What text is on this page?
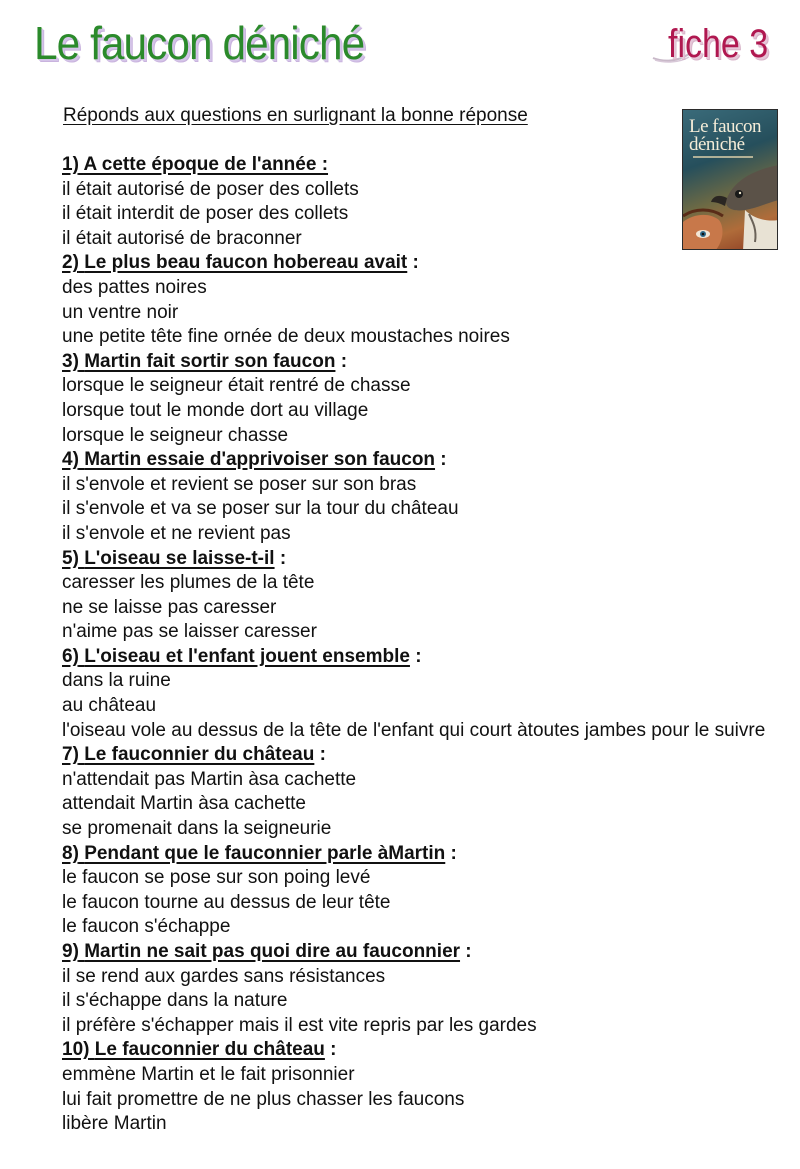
Le faucon déniché	fiche 3
Le faucon
déniché
Réponds aux questions en surlignant la bonne réponse
1) A cette époque de l'année :
il était autorisé de poser des collets
il était interdit de poser des collets
il était autorisé de braconner
2) Le plus beau faucon hobereau avait :
des pattes noires
un ventre noir
une petite tête fine ornée de deux moustaches noires
3) Martin fait sortir son faucon :
lorsque le seigneur était rentré de chasse
lorsque tout le monde dort au village
lorsque le seigneur chasse
4) Martin essaie d'apprivoiser son faucon :
il s'envole et revient se poser sur son bras
il s'envole et va se poser sur la tour du château
il s'envole et ne revient pas
5) L'oiseau se laisse-t-il :
caresser les plumes de la tête
ne se laisse pas caresser
n'aime pas se laisser caresser
6) L'oiseau et l'enfant jouent ensemble :
dans la ruine
au château
l'oiseau vole au dessus de la tête de l'enfant qui court àtoutes jambes pour le suivre
7) Le fauconnier du château :
n'attendait pas Martin àsa cachette
attendait Martin àsa cachette
se promenait dans la seigneurie
8) Pendant que le fauconnier parle àMartin :
le faucon se pose sur son poing levé
le faucon tourne au dessus de leur tête
le faucon s'échappe
9) Martin ne sait pas quoi dire au fauconnier :
il se rend aux gardes sans résistances
il s'échappe dans la nature
il préfère s'échapper mais il est vite repris par les gardes
10) Le fauconnier du château :
emmène Martin et le fait prisonnier
lui fait promettre de ne plus chasser les faucons
libère Martin
